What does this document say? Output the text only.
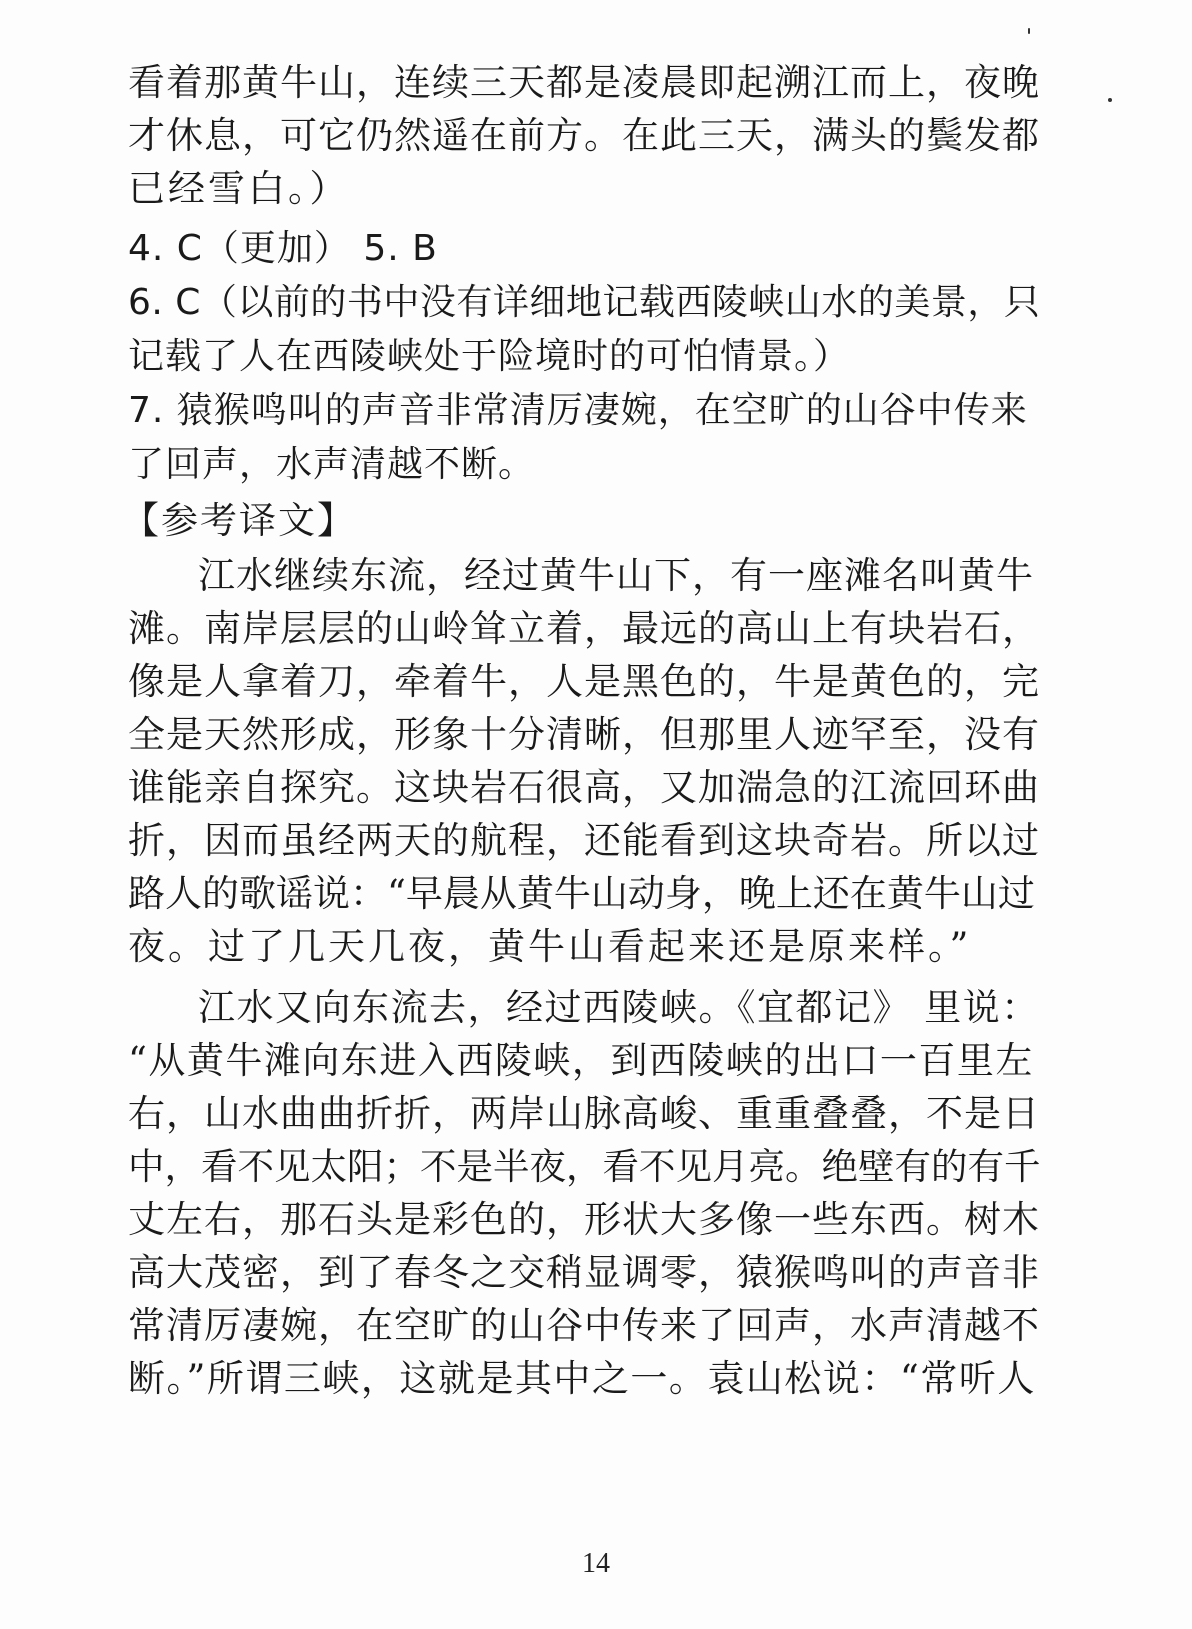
看着那黄牛山，连续三天都是凌晨即起溯江而上，夜晚
才休息，可它仍然遥在前方。在此三天，满头的鬓发都
已经雪白。）
4. C（更加） 5. B
6. C（以前的书中没有详细地记载西陵峡山水的美景，只
记载了人在西陵峡处于险境时的可怕情景。）
7. 猿猴鸣叫的声音非常清厉凄婉，在空旷的山谷中传来
了回声，水声清越不断。
【参考译文】
江水继续东流，经过黄牛山下，有一座滩名叫黄牛
滩。南岸层层的山岭耸立着，最远的高山上有块岩石，
像是人拿着刀，牵着牛，人是黑色的，牛是黄色的，完
全是天然形成，形象十分清晰，但那里人迹罕至，没有
谁能亲自探究。这块岩石很高，又加湍急的江流回环曲
折，因而虽经两天的航程，还能看到这块奇岩。所以过
路人的歌谣说：“早晨从黄牛山动身，晚上还在黄牛山过
夜。过了几天几夜，黄牛山看起来还是原来样。”
江水又向东流去，经过西陵峡。《宜都记》 里说：
“从黄牛滩向东进入西陵峡，到西陵峡的出口一百里左
右，山水曲曲折折，两岸山脉高峻、重重叠叠，不是日
中，看不见太阳；不是半夜，看不见月亮。绝壁有的有千
丈左右，那石头是彩色的，形状大多像一些东西。树木
高大茂密，到了春冬之交稍显调零，猿猴鸣叫的声音非
常清厉凄婉，在空旷的山谷中传来了回声，水声清越不
断。”所谓三峡，这就是其中之一。袁山松说：“常听人
14
